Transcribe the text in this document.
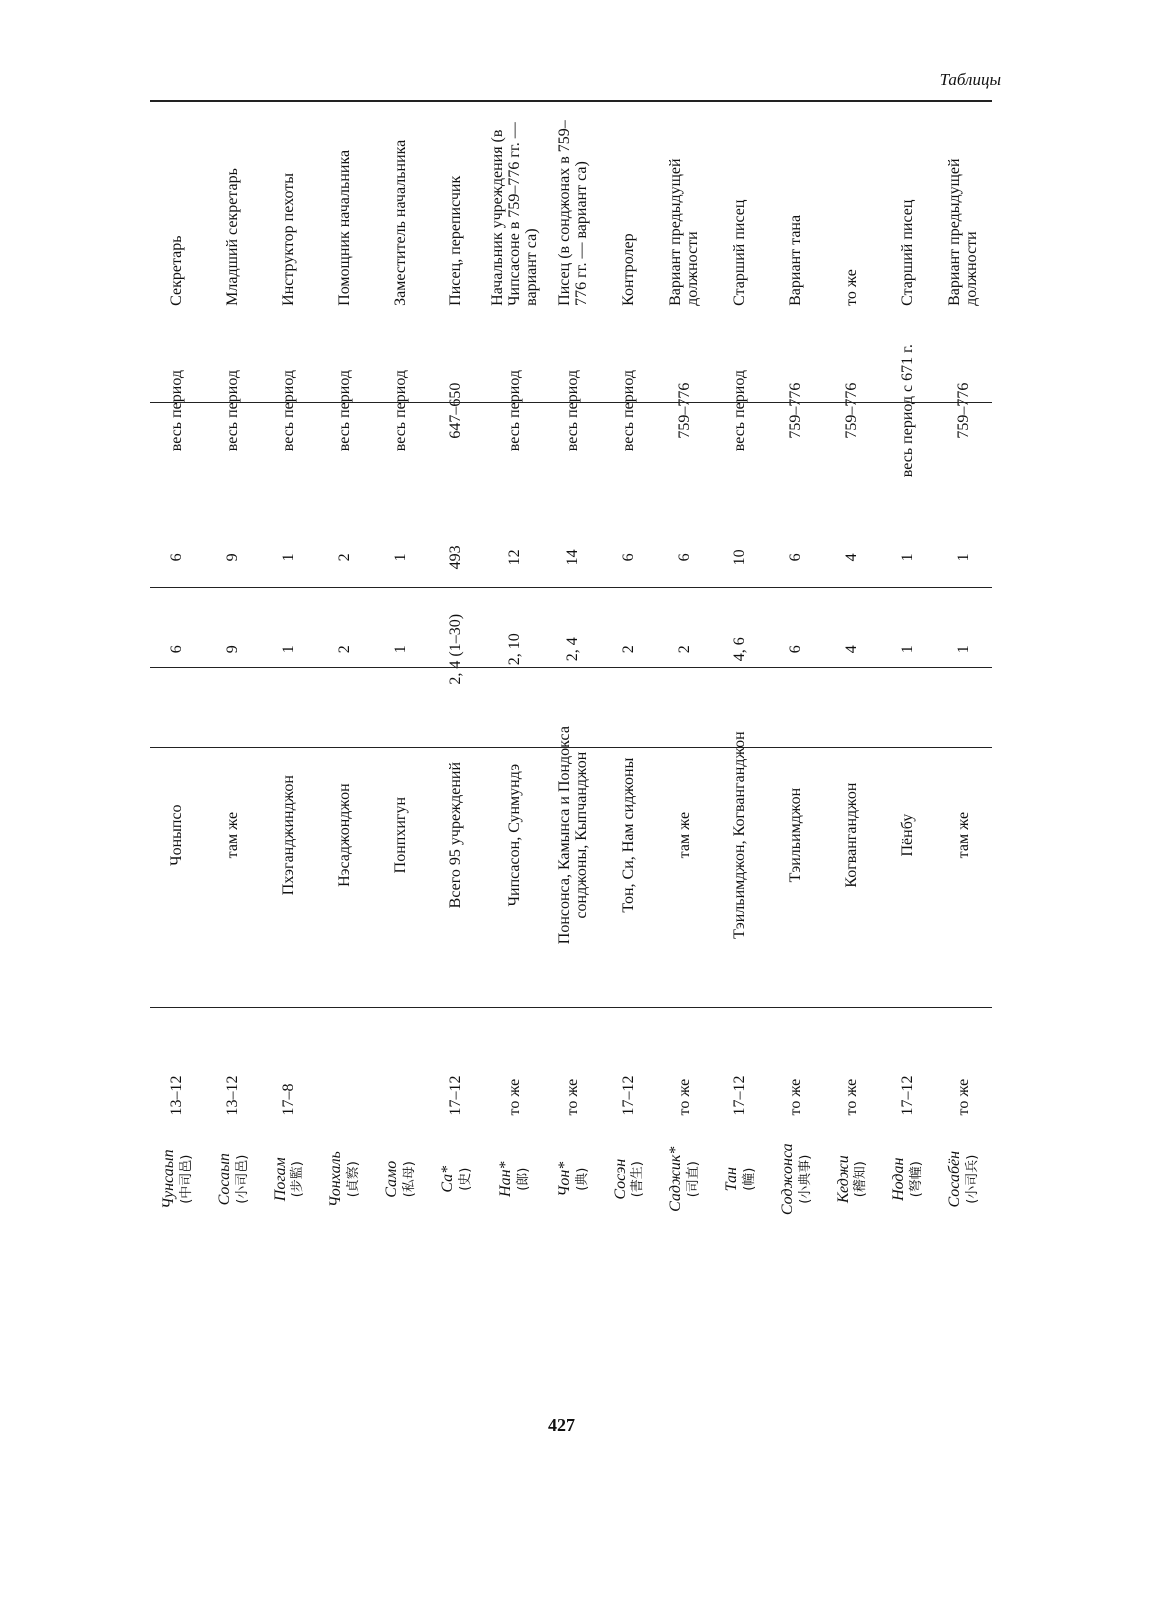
Таблицы
Чунсаып (中司邑)	13–12	Чоныпсо	6	6	весь период	Секретарь
Сосаып (小司邑)	13–12	там же	9	9	весь период	Младший секретарь
Погам (步監)	17–8	Пхэганджинджон	1	1	весь период	Инструктор пехоты
Чонхаль (貞察)		Нэсаджонджон	2	2	весь период	Помощник начальника
Само (私母)		Понпхигун	1	1	весь период	Заместитель начальника
Са* (史)	17–12	Всего 95 учреждений	2, 4 (1–30)	493	647–650	Писец, переписчик
Нан* (郎)	то же	Чипсасон, Сунмундэ	2, 10	12	весь период	Начальник учреждения (в Чипсасоне в 759–776 гг. — вариант са)
Чон* (典)	то же	Понсонса, Камынса и Пондокса сонджоны, Кыпчанджон	2, 4	14	весь период	Писец (в сонджонах в 759–776 гг. — вариант са)
Сосэн (書生)	17–12	Тон, Си, Нам сиджоны	2	6	весь период	Контролер
Саджик* (司直)	то же	там же	2	6	759–776	Вариант предыдущей должности
Тан (幢)	17–12	Тэильимджон, Когванганджон	4, 6	10	весь период	Старший писец
Соджонса (小典事)	то же	Тэильимджон	6	6	759–776	Вариант тана
Кеджи (稽知)	то же	Когванганджон	4	4	759–776	то же
Нодан (弩幢)	17–12	Пёнбу	1	1	весь период с 671 г.	Старший писец
Сосабён (小司兵)	то же	там же	1	1	759–776	Вариант предыдущей должности
427
